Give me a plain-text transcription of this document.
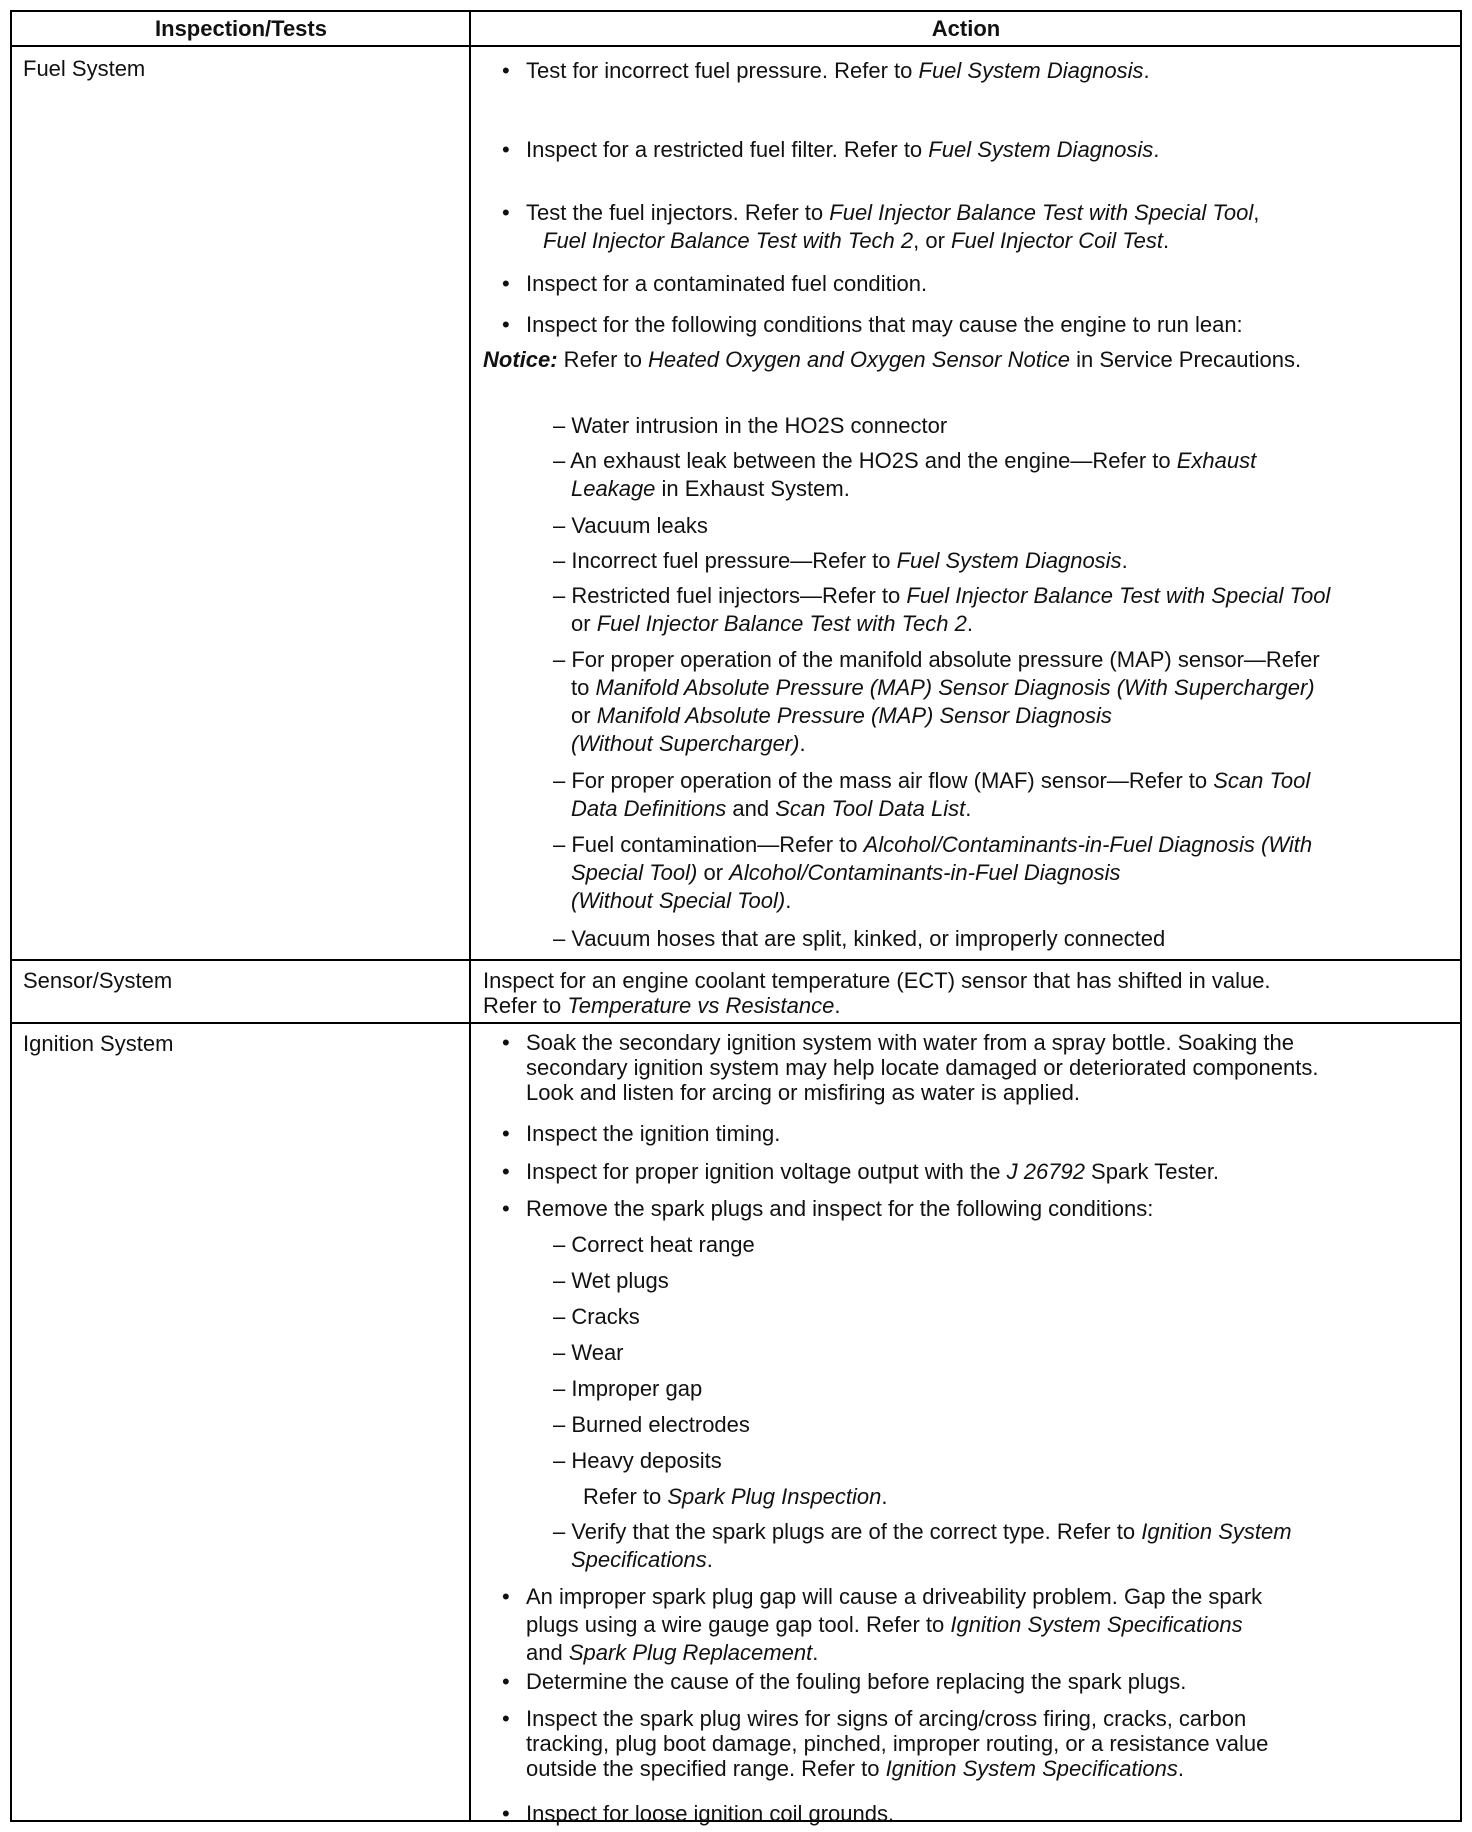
Inspection/Tests	Action
Fuel System
Sensor/System
Ignition System
• Test for incorrect fuel pressure. Refer to Fuel System Diagnosis.
• Inspect for a restricted fuel filter. Refer to Fuel System Diagnosis.
• Test the fuel injectors. Refer to Fuel Injector Balance Test with Special Tool,
Fuel Injector Balance Test with Tech 2, or Fuel Injector Coil Test.
• Inspect for a contaminated fuel condition.
• Inspect for the following conditions that may cause the engine to run lean:
Notice: Refer to Heated Oxygen and Oxygen Sensor Notice in Service Precautions.
– Water intrusion in the HO2S connector
– An exhaust leak between the HO2S and the engine—Refer to Exhaust
Leakage in Exhaust System.
– Vacuum leaks
– Incorrect fuel pressure—Refer to Fuel System Diagnosis.
– Restricted fuel injectors—Refer to Fuel Injector Balance Test with Special Tool
or Fuel Injector Balance Test with Tech 2.
– For proper operation of the manifold absolute pressure (MAP) sensor—Refer
to Manifold Absolute Pressure (MAP) Sensor Diagnosis (With Supercharger)
or Manifold Absolute Pressure (MAP) Sensor Diagnosis
(Without Supercharger).
– For proper operation of the mass air flow (MAF) sensor—Refer to Scan Tool
Data Definitions and Scan Tool Data List.
– Fuel contamination—Refer to Alcohol/Contaminants-in-Fuel Diagnosis (With
Special Tool) or Alcohol/Contaminants-in-Fuel Diagnosis
(Without Special Tool).
– Vacuum hoses that are split, kinked, or improperly connected
Inspect for an engine coolant temperature (ECT) sensor that has shifted in value.
Refer to Temperature vs Resistance.
• Soak the secondary ignition system with water from a spray bottle. Soaking the
secondary ignition system may help locate damaged or deteriorated components.
Look and listen for arcing or misfiring as water is applied.
• Inspect the ignition timing.
• Inspect for proper ignition voltage output with the J 26792 Spark Tester.
• Remove the spark plugs and inspect for the following conditions:
– Correct heat range
– Wet plugs
– Cracks
– Wear
– Improper gap
– Burned electrodes
– Heavy deposits
Refer to Spark Plug Inspection.
– Verify that the spark plugs are of the correct type. Refer to Ignition System
Specifications.
• An improper spark plug gap will cause a driveability problem. Gap the spark
plugs using a wire gauge gap tool. Refer to Ignition System Specifications
and Spark Plug Replacement.
• Determine the cause of the fouling before replacing the spark plugs.
• Inspect the spark plug wires for signs of arcing/cross firing, cracks, carbon
tracking, plug boot damage, pinched, improper routing, or a resistance value
outside the specified range. Refer to Ignition System Specifications.
• Inspect for loose ignition coil grounds.
